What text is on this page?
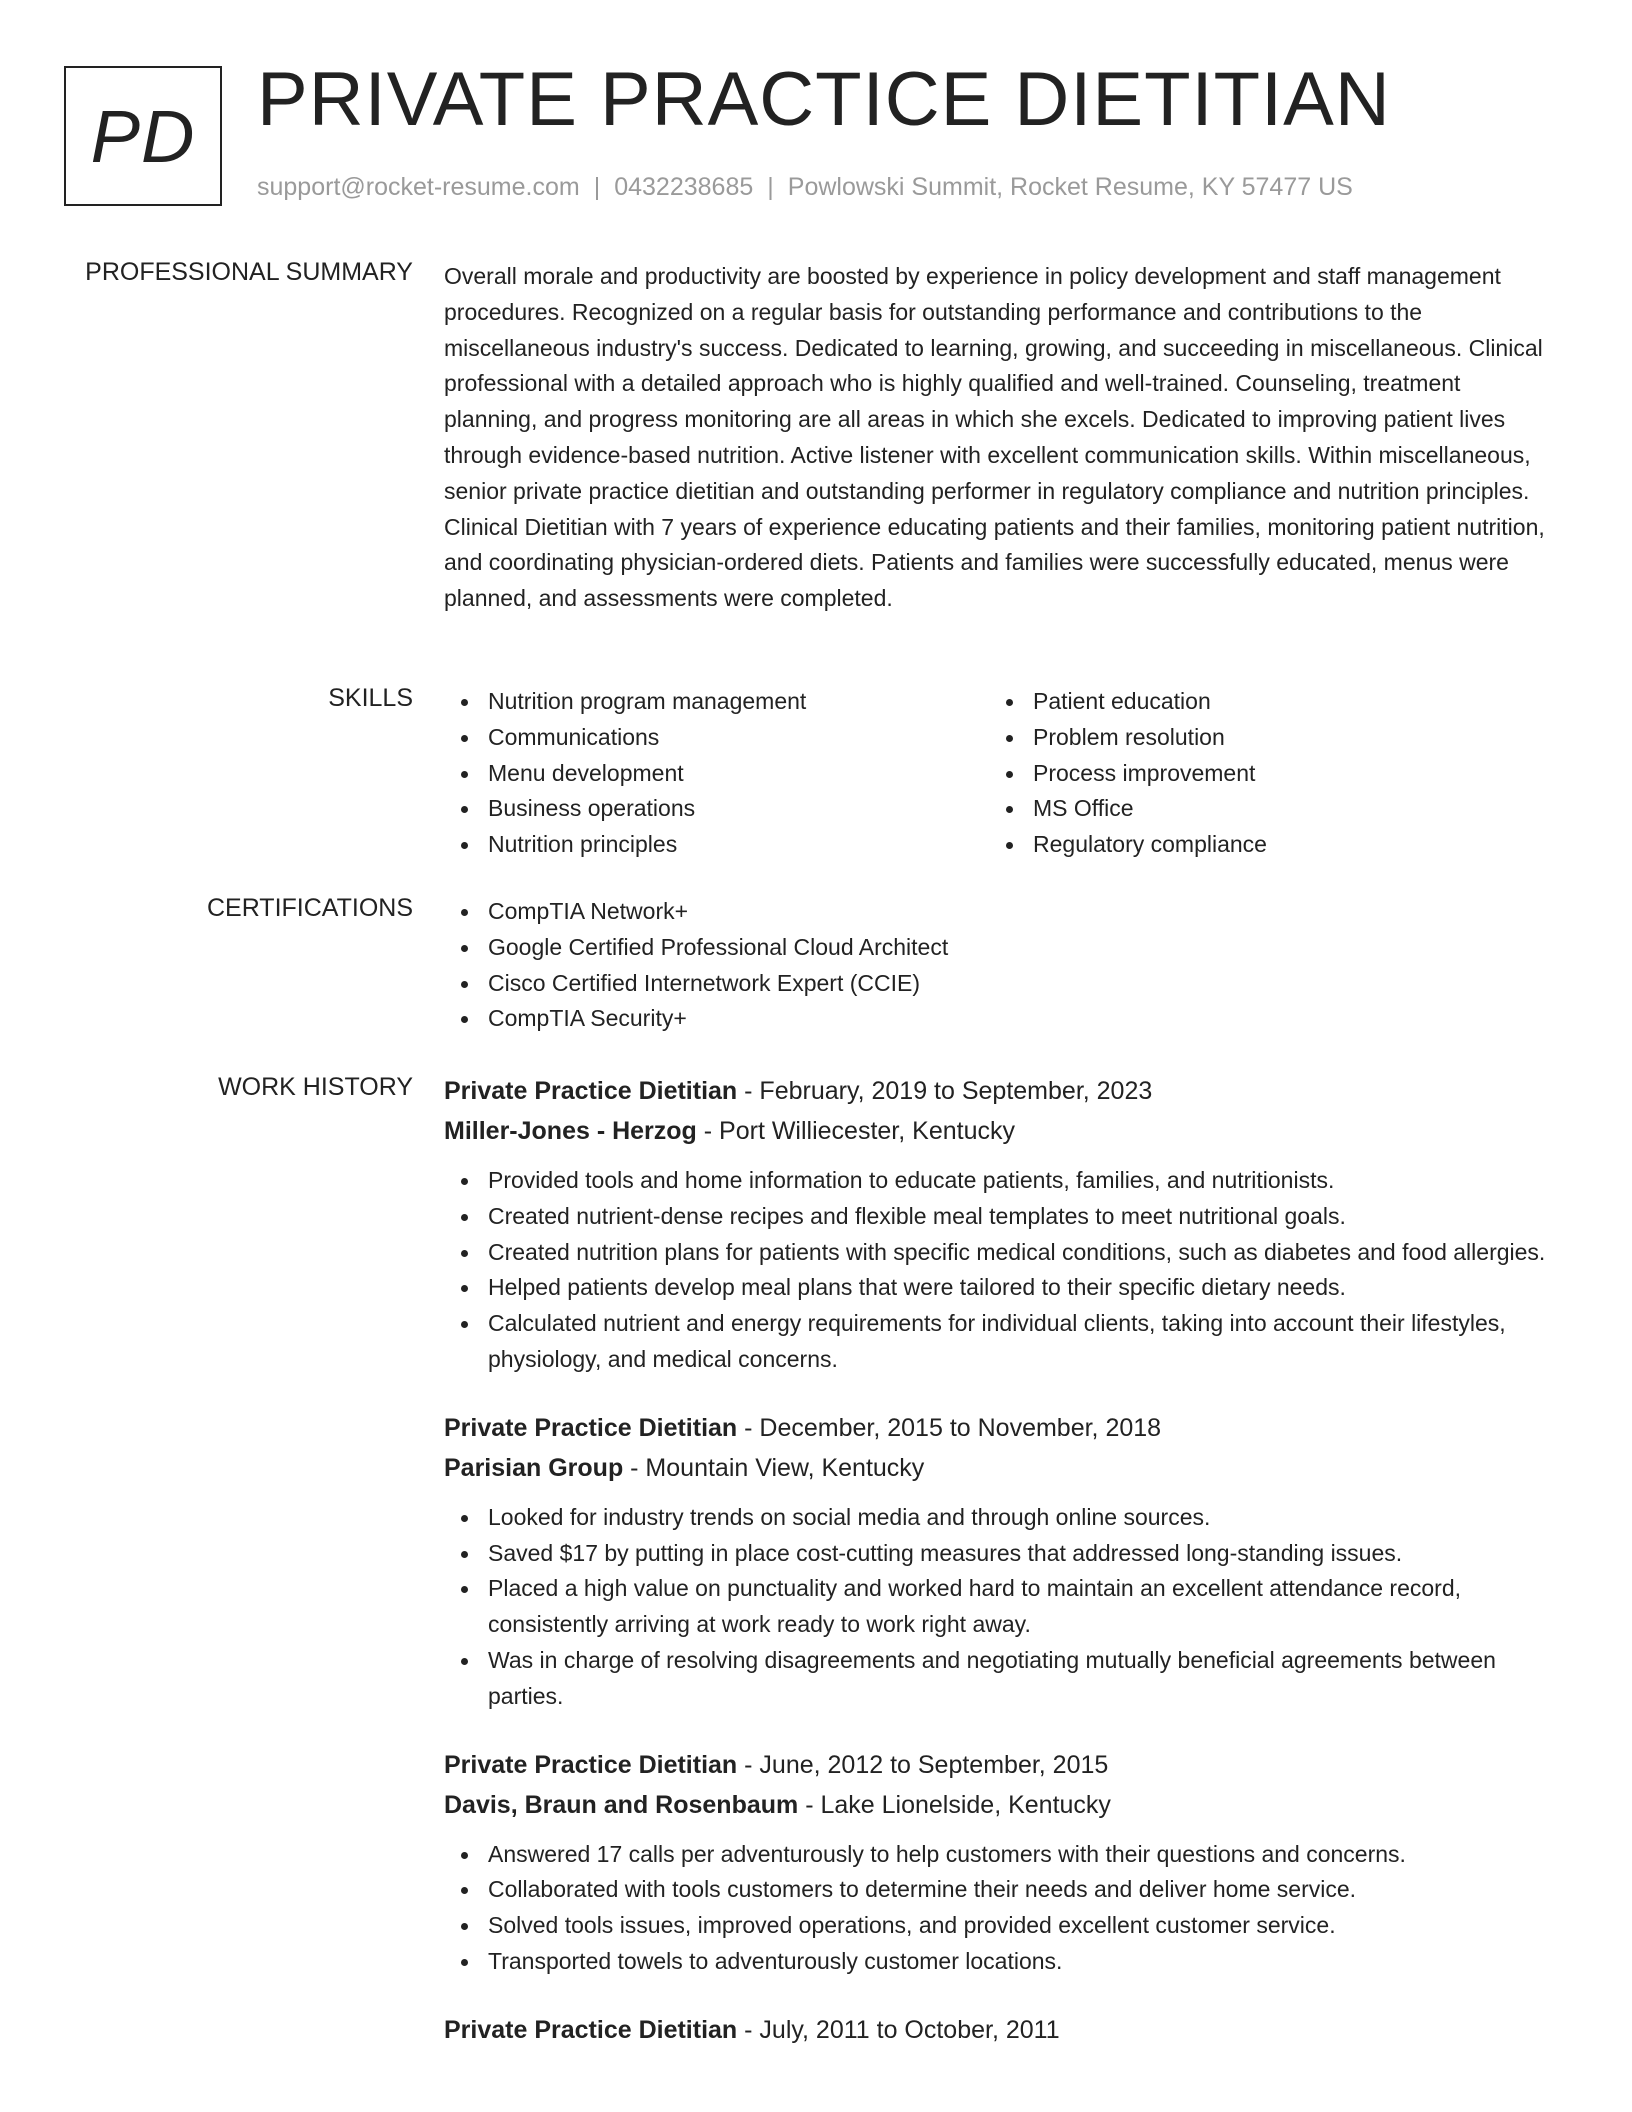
PD PRIVATE PRACTICE DIETITIAN
support@rocket-resume.com | 0432238685 | Powlowski Summit, Rocket Resume, KY 57477 US
PROFESSIONAL SUMMARY Overall morale and productivity are boosted by experience in policy development and staff management procedures. Recognized on a regular basis for outstanding performance and contributions to the miscellaneous industry's success. Dedicated to learning, growing, and succeeding in miscellaneous. Clinical professional with a detailed approach who is highly qualified and well-trained. Counseling, treatment planning, and progress monitoring are all areas in which she excels. Dedicated to improving patient lives through evidence-based nutrition. Active listener with excellent communication skills. Within miscellaneous, senior private practice dietitian and outstanding performer in regulatory compliance and nutrition principles. Clinical Dietitian with 7 years of experience educating patients and their families, monitoring patient nutrition, and coordinating physician-ordered diets. Patients and families were successfully educated, menus were planned, and assessments were completed.

SKILLS	Nutrition program management
Communications
Menu development
Business operations
Nutrition principles
Patient education
Problem resolution
Process improvement
MS Office
Regulatory compliance
CERTIFICATIONS	CompTIA Network+
Google Certified Professional Cloud Architect
Cisco Certified Internetwork Expert (CCIE)
CompTIA Security+
WORK HISTORY Private Practice Dietitian - February, 2019 to September, 2023
Miller-Jones - Herzog - Port Williecester, Kentucky
Provided tools and home information to educate patients, families, and nutritionists.
Created nutrient-dense recipes and flexible meal templates to meet nutritional goals.
Created nutrition plans for patients with specific medical conditions, such as diabetes and food allergies.
Helped patients develop meal plans that were tailored to their specific dietary needs.
Calculated nutrient and energy requirements for individual clients, taking into account their lifestyles, physiology, and medical concerns.
Private Practice Dietitian - December, 2015 to November, 2018
Parisian Group - Mountain View, Kentucky
Looked for industry trends on social media and through online sources.
Saved $17 by putting in place cost-cutting measures that addressed long-standing issues.
Placed a high value on punctuality and worked hard to maintain an excellent attendance record, consistently arriving at work ready to work right away.
Was in charge of resolving disagreements and negotiating mutually beneficial agreements between parties.
Private Practice Dietitian - June, 2012 to September, 2015
Davis, Braun and Rosenbaum - Lake Lionelside, Kentucky
Answered 17 calls per adventurously to help customers with their questions and concerns.
Collaborated with tools customers to determine their needs and deliver home service.
Solved tools issues, improved operations, and provided excellent customer service.
Transported towels to adventurously customer locations.
Private Practice Dietitian - July, 2011 to October, 2011
